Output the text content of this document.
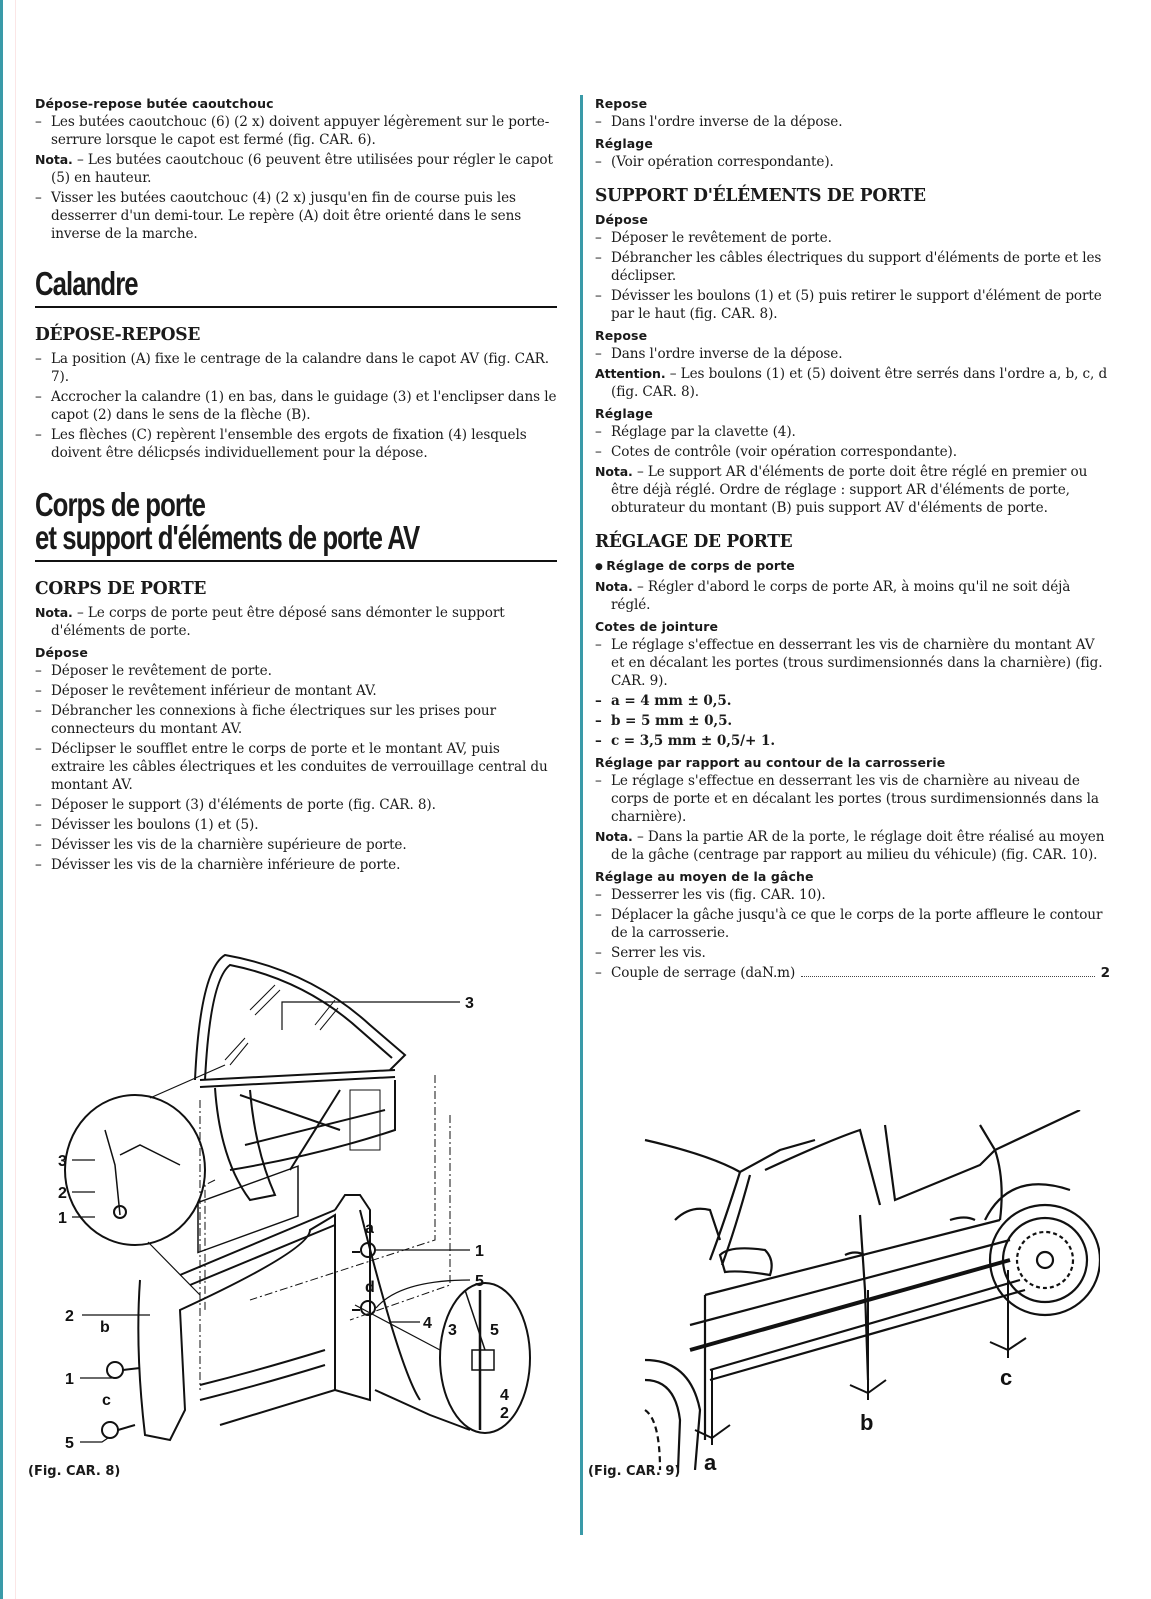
Dépose-repose butée caoutchouc

– Les butées caoutchouc (6) (2 x) doivent appuyer légèrement sur le porte-serrure lorsque le capot est fermé (fig. CAR. 6).

Nota. – Les butées caoutchouc (6 peuvent être utilisées pour régler le capot (5) en hauteur.

– Visser les butées caoutchouc (4) (2 x) jusqu'en fin de course puis les desserrer d'un demi-tour. Le repère (A) doit être orienté dans le sens inverse de la marche.

Calandre
DÉPOSE-REPOSE

– La position (A) fixe le centrage de la calandre dans le capot AV (fig. CAR. 7).

– Accrocher la calandre (1) en bas, dans le guidage (3) et l'enclipser dans le capot (2) dans le sens de la flèche (B).

– Les flèches (C) repèrent l'ensemble des ergots de fixation (4) lesquels doivent être délicpsés individuellement pour la dépose.

Corps de porte
et support d'éléments de porte AV
CORPS DE PORTE

Nota. – Le corps de porte peut être déposé sans démonter le support d'éléments de porte.

Dépose

– Déposer le revêtement de porte.

– Déposer le revêtement inférieur de montant AV.

– Débrancher les connexions à fiche électriques sur les prises pour connecteurs du montant AV.

– Déclipser le soufflet entre le corps de porte et le montant AV, puis extraire les câbles électriques et les conduites de verrouillage central du montant AV.

– Déposer le support (3) d'éléments de porte (fig. CAR. 8).

– Dévisser les boulons (1) et (5).

– Dévisser les vis de la charnière supérieure de porte.

– Dévisser les vis de la charnière inférieure de porte.

3
1
5
4
a
d
2
b
1
c
5
3
2
1
3 5
4
2
(Fig. CAR. 8)
Repose

– Dans l'ordre inverse de la dépose.

Réglage

– (Voir opération correspondante).

SUPPORT D'ÉLÉMENTS DE PORTE
Dépose

– Déposer le revêtement de porte.

– Débrancher les câbles électriques du support d'éléments de porte et les déclipser.

– Dévisser les boulons (1) et (5) puis retirer le support d'élément de porte par le haut (fig. CAR. 8).

Repose

– Dans l'ordre inverse de la dépose.

Attention. – Les boulons (1) et (5) doivent être serrés dans l'ordre a, b, c, d (fig. CAR. 8).

Réglage

– Réglage par la clavette (4).

– Cotes de contrôle (voir opération correspondante).

Nota. – Le support AR d'éléments de porte doit être réglé en premier ou être déjà réglé. Ordre de réglage : support AR d'éléments de porte, obturateur du montant (B) puis support AV d'éléments de porte.

RÉGLAGE DE PORTE
● Réglage de corps de porte

Nota. – Régler d'abord le corps de porte AR, à moins qu'il ne soit déjà réglé.

Cotes de jointure

– Le réglage s'effectue en desserrant les vis de charnière du montant AV et en décalant les portes (trous surdimensionnés dans la charnière) (fig. CAR. 9).

– a = 4 mm ± 0,5.

– b = 5 mm ± 0,5.

– c = 3,5 mm ± 0,5/+ 1.

Réglage par rapport au contour de la carrosserie

– Le réglage s'effectue en desserrant les vis de charnière au niveau de corps de porte et en décalant les portes (trous surdimensionnés dans la charnière).

Nota. – Dans la partie AR de la porte, le réglage doit être réalisé au moyen de la gâche (centrage par rapport au milieu du véhicule) (fig. CAR. 10).

Réglage au moyen de la gâche

– Desserrer les vis (fig. CAR. 10).

– Déplacer la gâche jusqu'à ce que le corps de la porte affleure le contour de la carrosserie.

– Serrer les vis.

– Couple de serrage (daN.m)	2
a
b
c
(Fig. CAR. 9)
